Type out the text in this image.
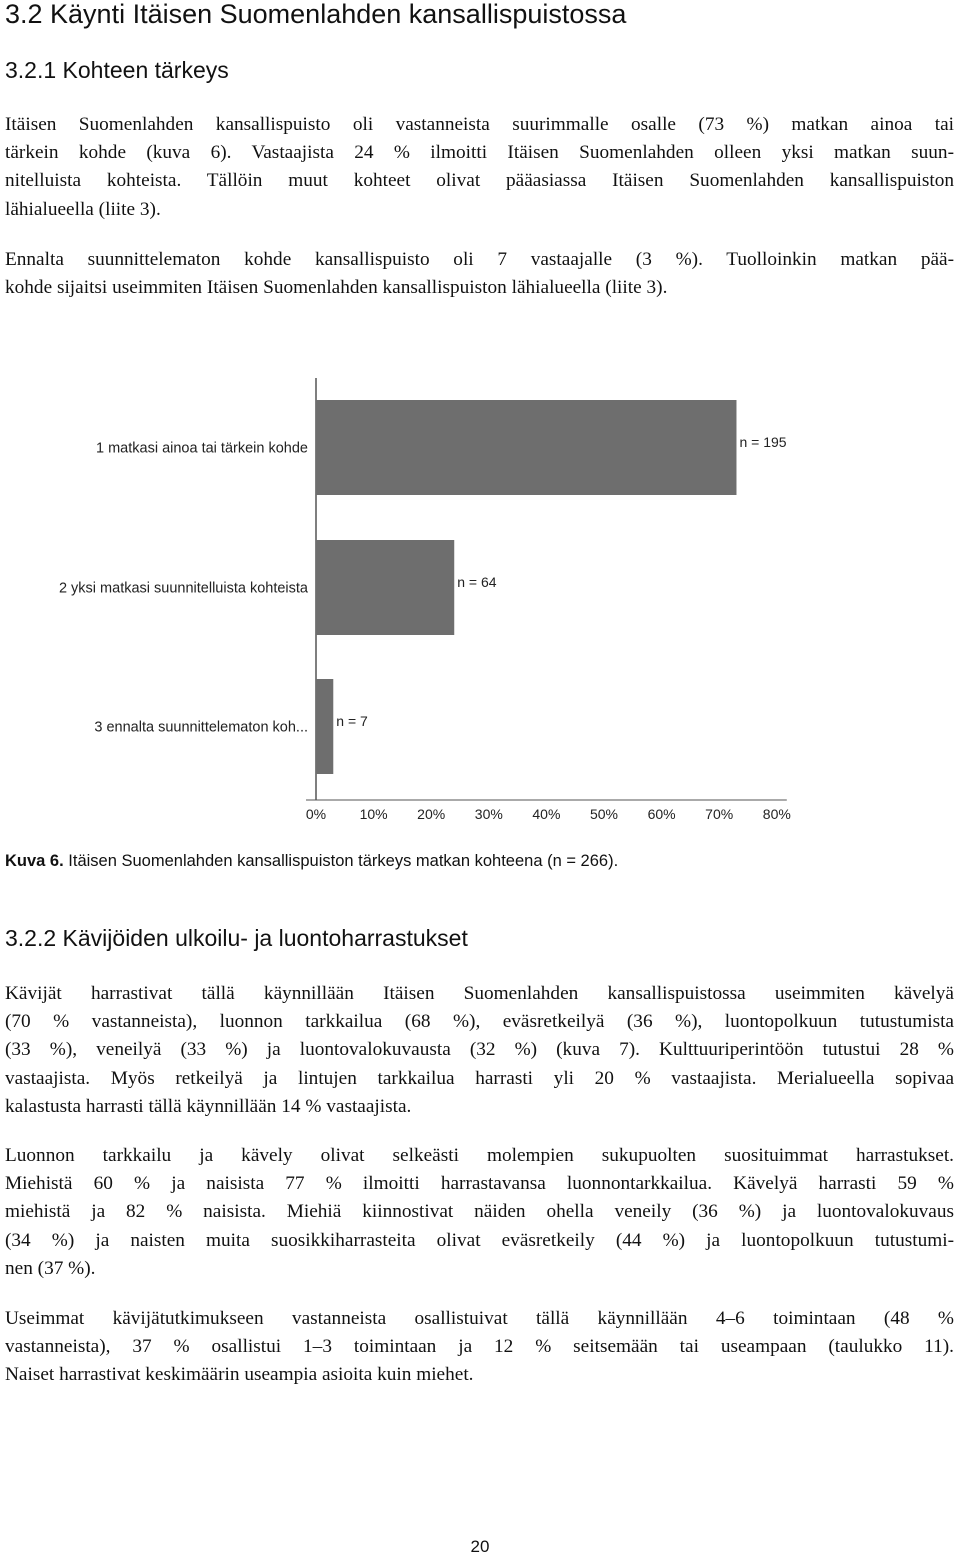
3.2 Käynti Itäisen Suomenlahden kansallispuistossa
3.2.1 Kohteen tärkeys
Itäisen Suomenlahden kansallispuisto oli vastanneista suurimmalle osalle (73 %) matkan ainoa tai
tärkein kohde (kuva 6). Vastaajista 24 % ilmoitti Itäisen Suomenlahden olleen yksi matkan suun-
nitelluista kohteista. Tällöin muut kohteet olivat pääasiassa Itäisen Suomenlahden kansallispuiston
lähialueella (liite 3).
Ennalta suunnittelematon kohde kansallispuisto oli 7 vastaajalle (3 %). Tuolloinkin matkan pää-
kohde sijaitsi useimmiten Itäisen Suomenlahden kansallispuiston lähialueella (liite 3).
1 matkasi ainoa tai tärkein kohde	n = 195
2 yksi matkasi suunnitelluista kohteista	n = 64
3 ennalta suunnittelematon koh... n = 7
0% 10% 20% 30% 40% 50% 60% 70% 80%

Kuva 6. Itäisen Suomenlahden kansallispuiston tärkeys matkan kohteena (n = 266).

3.2.2 Kävijöiden ulkoilu- ja luontoharrastukset
Kävijät harrastivat tällä käynnillään Itäisen Suomenlahden kansallispuistossa useimmiten kävelyä
(70 % vastanneista), luonnon tarkkailua (68 %), eväsretkeilyä (36 %), luontopolkuun tutustumista
(33 %), veneilyä (33 %) ja luontovalokuvausta (32 %) (kuva 7). Kulttuuriperintöön tutustui 28 %
vastaajista. Myös retkeilyä ja lintujen tarkkailua harrasti yli 20 % vastaajista. Merialueella sopivaa
kalastusta harrasti tällä käynnillään 14 % vastaajista.
Luonnon tarkkailu ja kävely olivat selkeästi molempien sukupuolten suosituimmat harrastukset.
Miehistä 60 % ja naisista 77 % ilmoitti harrastavansa luonnontarkkailua. Kävelyä harrasti 59 %
miehistä ja 82 % naisista. Miehiä kiinnostivat näiden ohella veneily (36 %) ja luontovalokuvaus
(34 %) ja naisten muita suosikkiharrasteita olivat eväsretkeily (44 %) ja luontopolkuun tutustumi-
nen (37 %).
Useimmat kävijätutkimukseen vastanneista osallistuivat tällä käynnillään 4–6 toimintaan (48 %
vastanneista), 37 % osallistui 1–3 toimintaan ja 12 % seitsemään tai useampaan (taulukko 11).
Naiset harrastivat keskimäärin useampia asioita kuin miehet.
20
